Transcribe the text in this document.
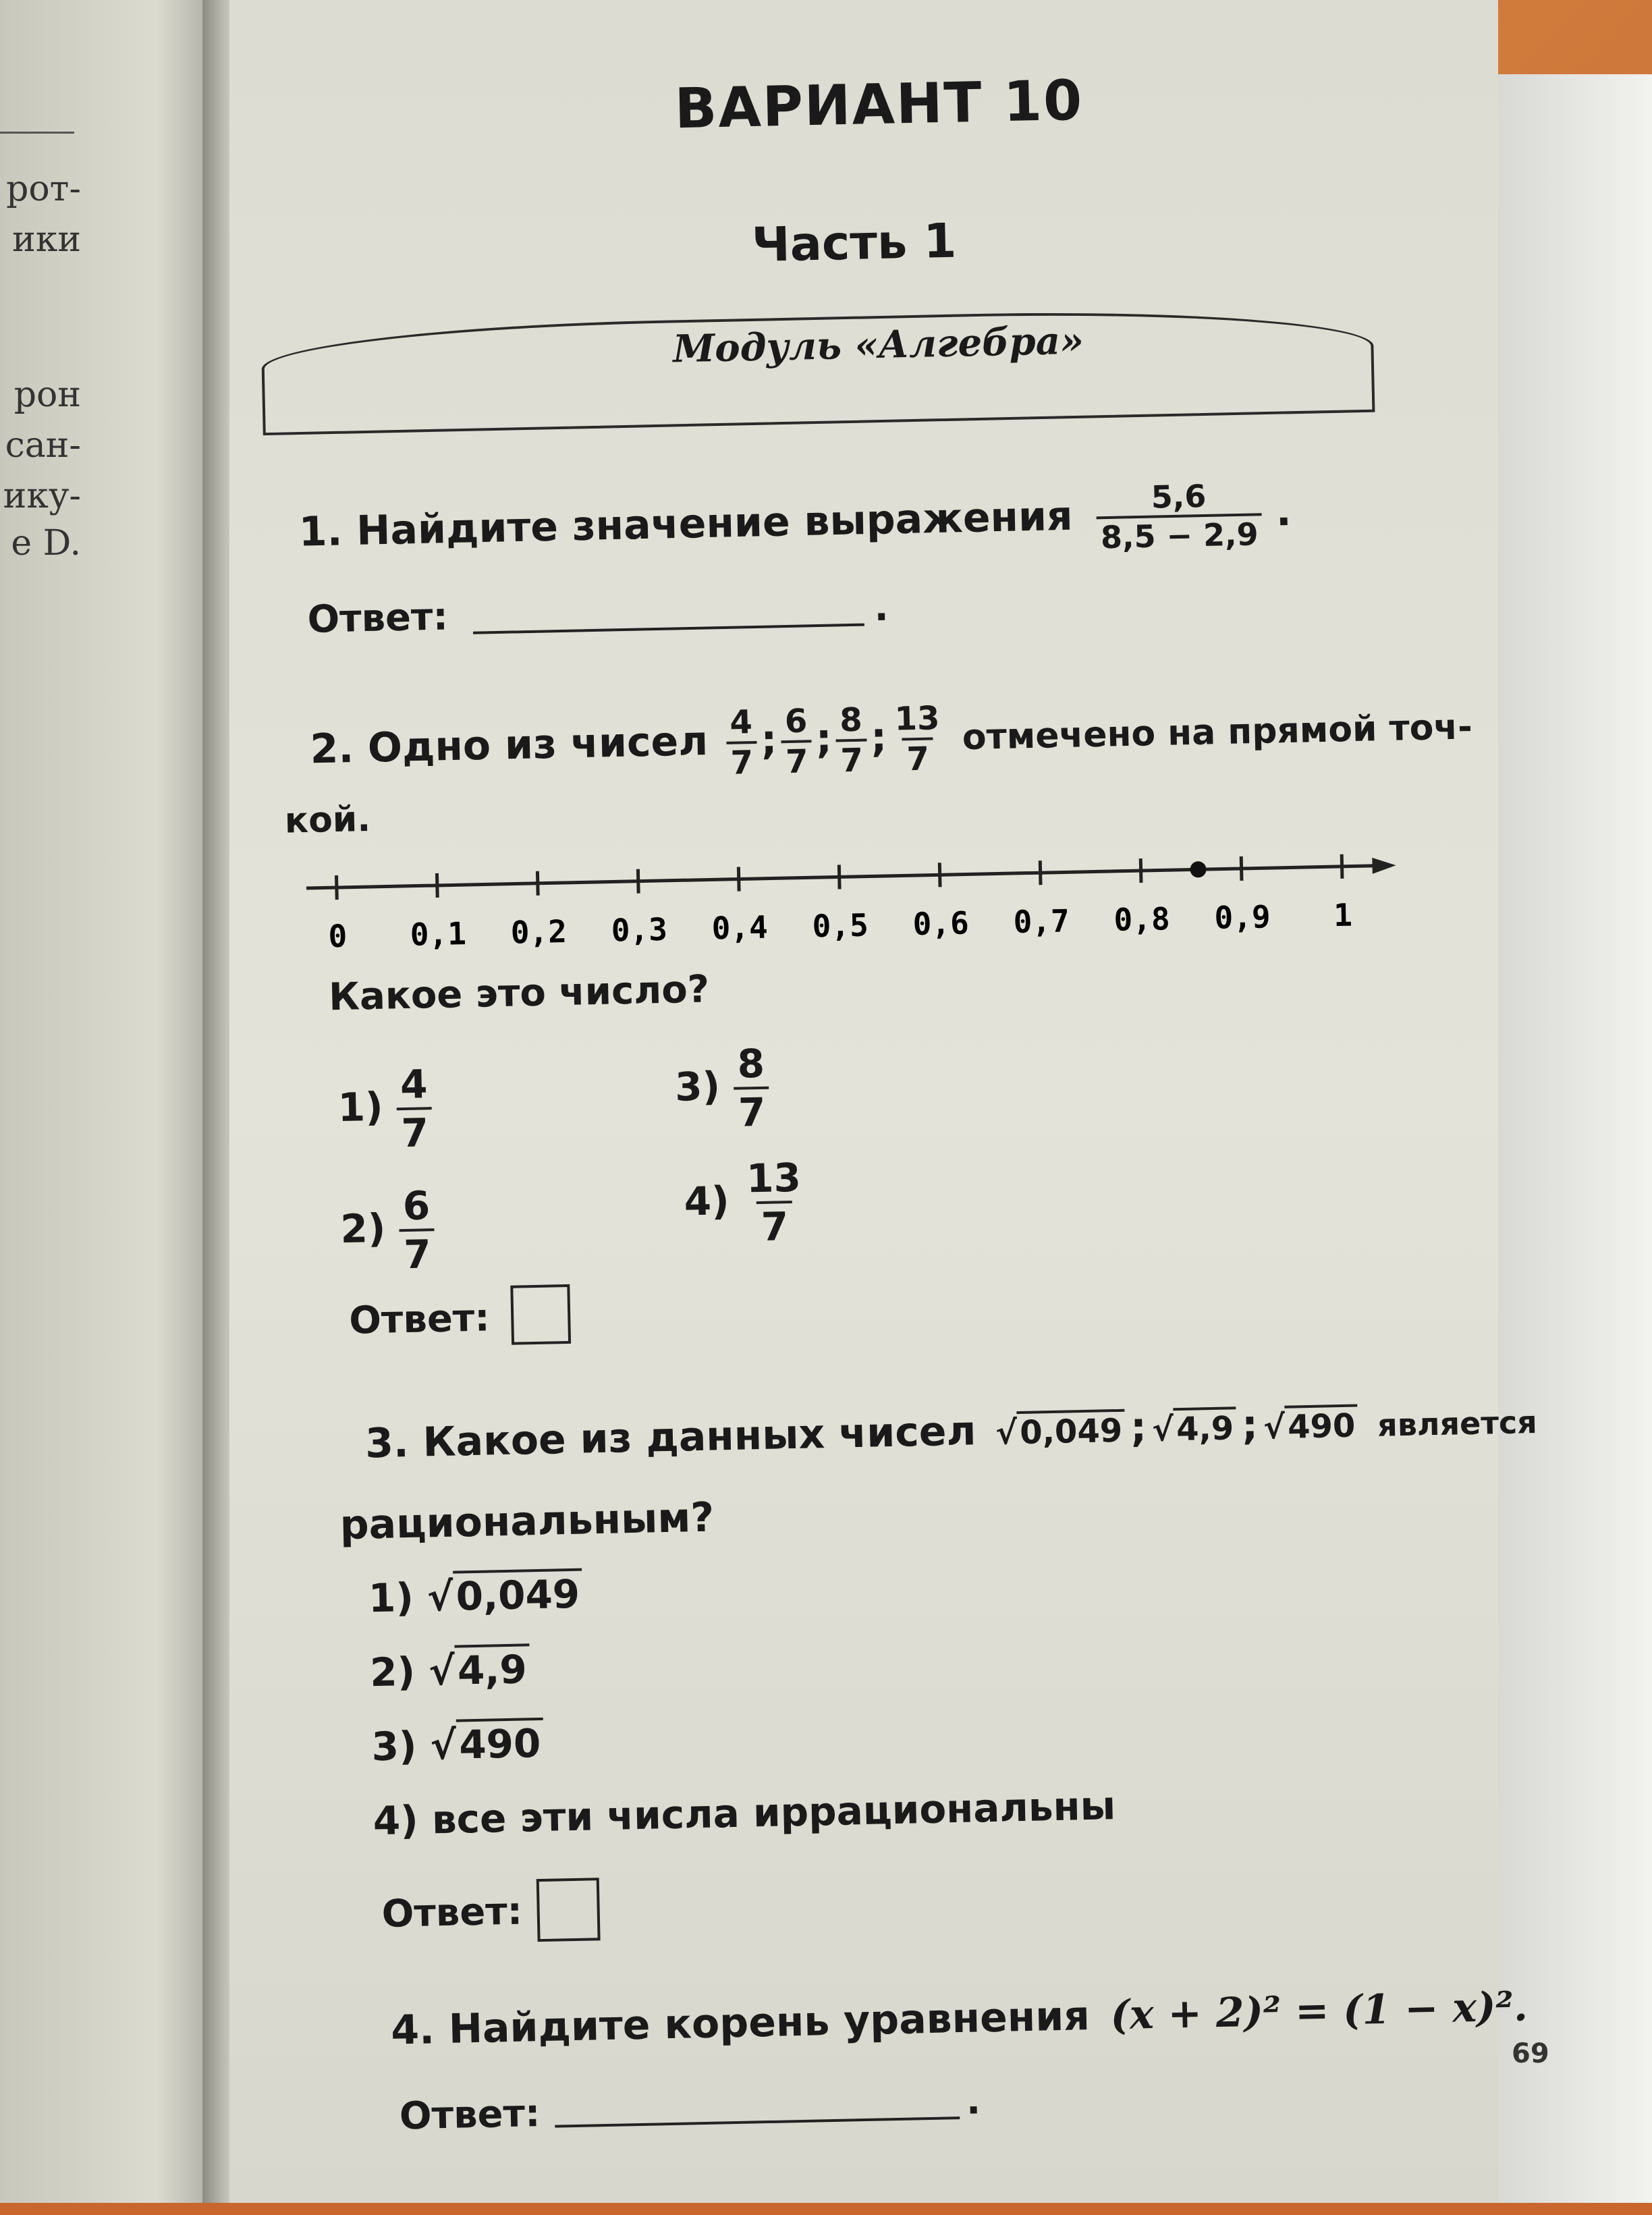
ВАРИАНТ 10
Часть 1
Модуль «Алгебра»
1. Найдите значение выражения $\frac{5,6}{8,5 - 2,9}$ .
Ответ:	.
2. Одно из чисел $\frac{4}{7}$ ; $\frac{6}{7}$ ; $\frac{8}{7}$ ; $\frac{13}{7}$ отмечено на прямой точ-
кой.
0 0,1 0,2 0,3 0,4 0,5 0,6 0,7 0,8 0,9 1
Какое это число?
$1) \frac{4}{7}$
$2) \frac{6}{7}$
$3) \frac{8}{7}$
$4) \frac{13}{7}$
Ответ:
3. Какое из данных чисел √0,049 ; √4,9 ; √490 является
рациональным?
1) √0,049
2) √4,9
3) √490
4) все эти числа иррациональны
Ответ:
4. Найдите корень уравнения (x + 2)² = (1 − x)².
Ответ:	.
69
рот-
ики
рон
сан-
ику-
е D.
